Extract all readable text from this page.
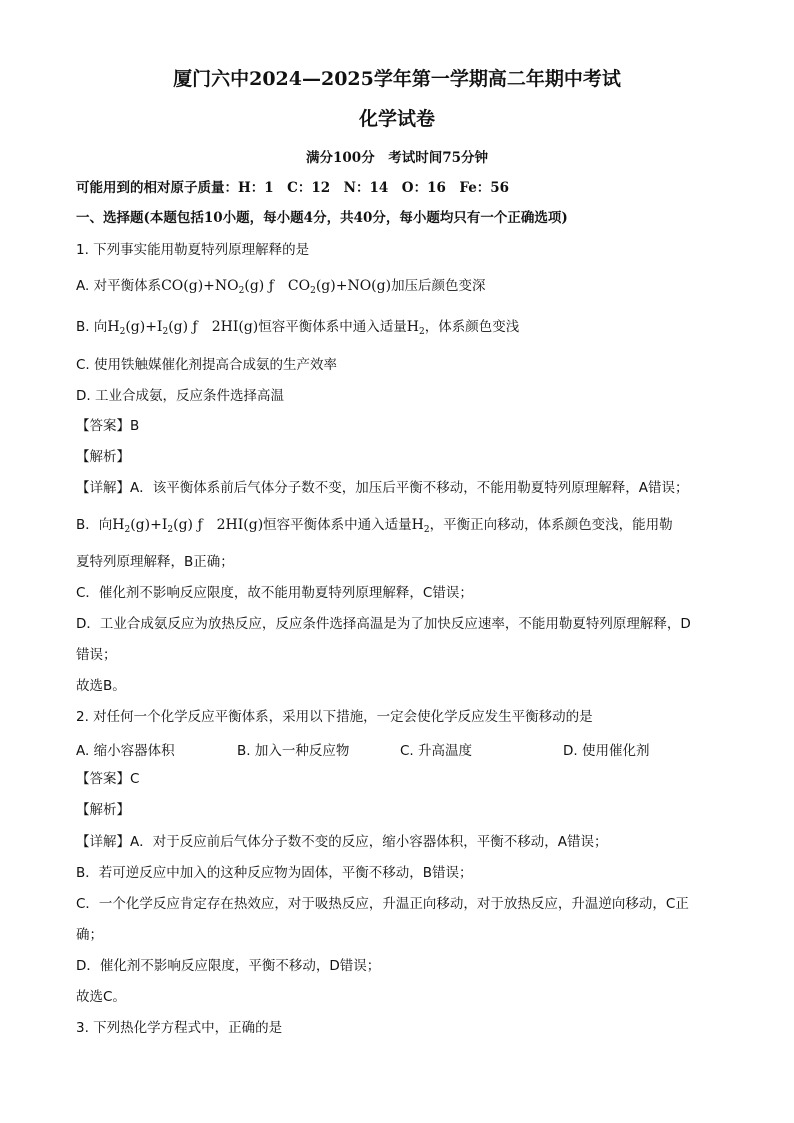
厦门六中2024—2025学年第一学期高二年期中考试
化学试卷
满分100分　考试时间75分钟
可能用到的相对原子质量：H：1　C：12　N：14　O：16　Fe：56
一、选择题(本题包括10小题，每小题4分，共40分，每小题均只有一个正确选项)
1. 下列事实能用勒夏特列原理解释的是
A. 对平衡体系$CO(g)+NO_2(g)$ ƒ　$CO_2(g)+NO(g)$加压后颜色变深
B. 向$H_2(g)+I_2(g)$ ƒ　2HI(g)恒容平衡体系中通入适量$H_2$，体系颜色变浅
C. 使用铁触媒催化剂提高合成氨的生产效率
D. 工业合成氨，反应条件选择高温
【答案】B
【解析】
【详解】A．该平衡体系前后气体分子数不变，加压后平衡不移动，不能用勒夏特列原理解释，A错误；
B．向$H_2(g)+I_2(g)$ ƒ　2HI(g)恒容平衡体系中通入适量$H_2$，平衡正向移动，体系颜色变浅，能用勒
夏特列原理解释，B正确；
C．催化剂不影响反应限度，故不能用勒夏特列原理解释，C错误；
D．工业合成氨反应为放热反应，反应条件选择高温是为了加快反应速率，不能用勒夏特列原理解释，D
错误；
故选B。
2. 对任何一个化学反应平衡体系，采用以下措施，一定会使化学反应发生平衡移动的是
A. 缩小容器体积	B. 加入一种反应物	C. 升高温度	D. 使用催化剂
【答案】C
【解析】
【详解】A．对于反应前后气体分子数不变的反应，缩小容器体积，平衡不移动，A错误；
B．若可逆反应中加入的这种反应物为固体，平衡不移动，B错误；
C．一个化学反应肯定存在热效应，对于吸热反应，升温正向移动，对于放热反应，升温逆向移动，C正
确；
D．催化剂不影响反应限度，平衡不移动，D错误；
故选C。
3. 下列热化学方程式中，正确的是
